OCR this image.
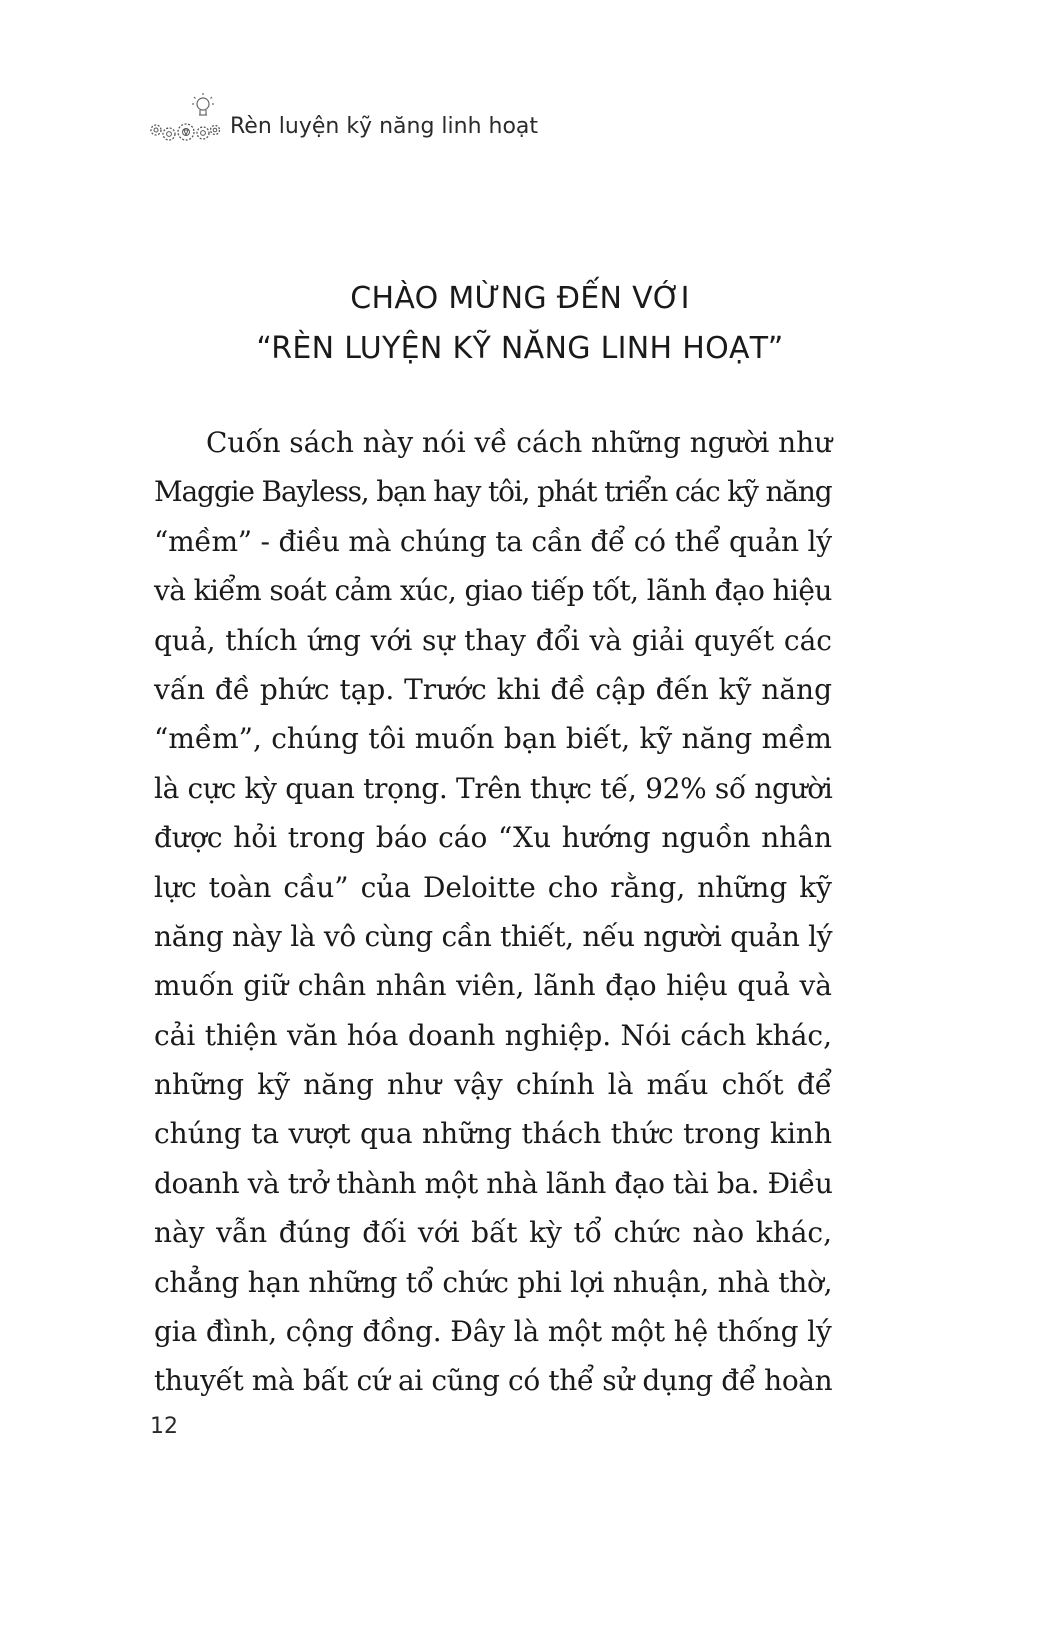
Rèn luyện kỹ năng linh hoạt
CHÀO MỪNG ĐẾN VỚI
“RÈN LUYỆN KỸ NĂNG LINH HOẠT”
Cuốn sách này nói về cách những người như
Maggie Bayless, bạn hay tôi, phát triển các kỹ năng
“mềm” - điều mà chúng ta cần để có thể quản lý
và kiểm soát cảm xúc, giao tiếp tốt, lãnh đạo hiệu
quả, thích ứng với sự thay đổi và giải quyết các
vấn đề phức tạp. Trước khi đề cập đến kỹ năng
“mềm”, chúng tôi muốn bạn biết, kỹ năng mềm
là cực kỳ quan trọng. Trên thực tế, 92% số người
được hỏi trong báo cáo “Xu hướng nguồn nhân
lực toàn cầu” của Deloitte cho rằng, những kỹ
năng này là vô cùng cần thiết, nếu người quản lý
muốn giữ chân nhân viên, lãnh đạo hiệu quả và
cải thiện văn hóa doanh nghiệp. Nói cách khác,
những kỹ năng như vậy chính là mấu chốt để
chúng ta vượt qua những thách thức trong kinh
doanh và trở thành một nhà lãnh đạo tài ba. Điều
này vẫn đúng đối với bất kỳ tổ chức nào khác,
chẳng hạn những tổ chức phi lợi nhuận, nhà thờ,
gia đình, cộng đồng. Đây là một một hệ thống lý
thuyết mà bất cứ ai cũng có thể sử dụng để hoàn
12
